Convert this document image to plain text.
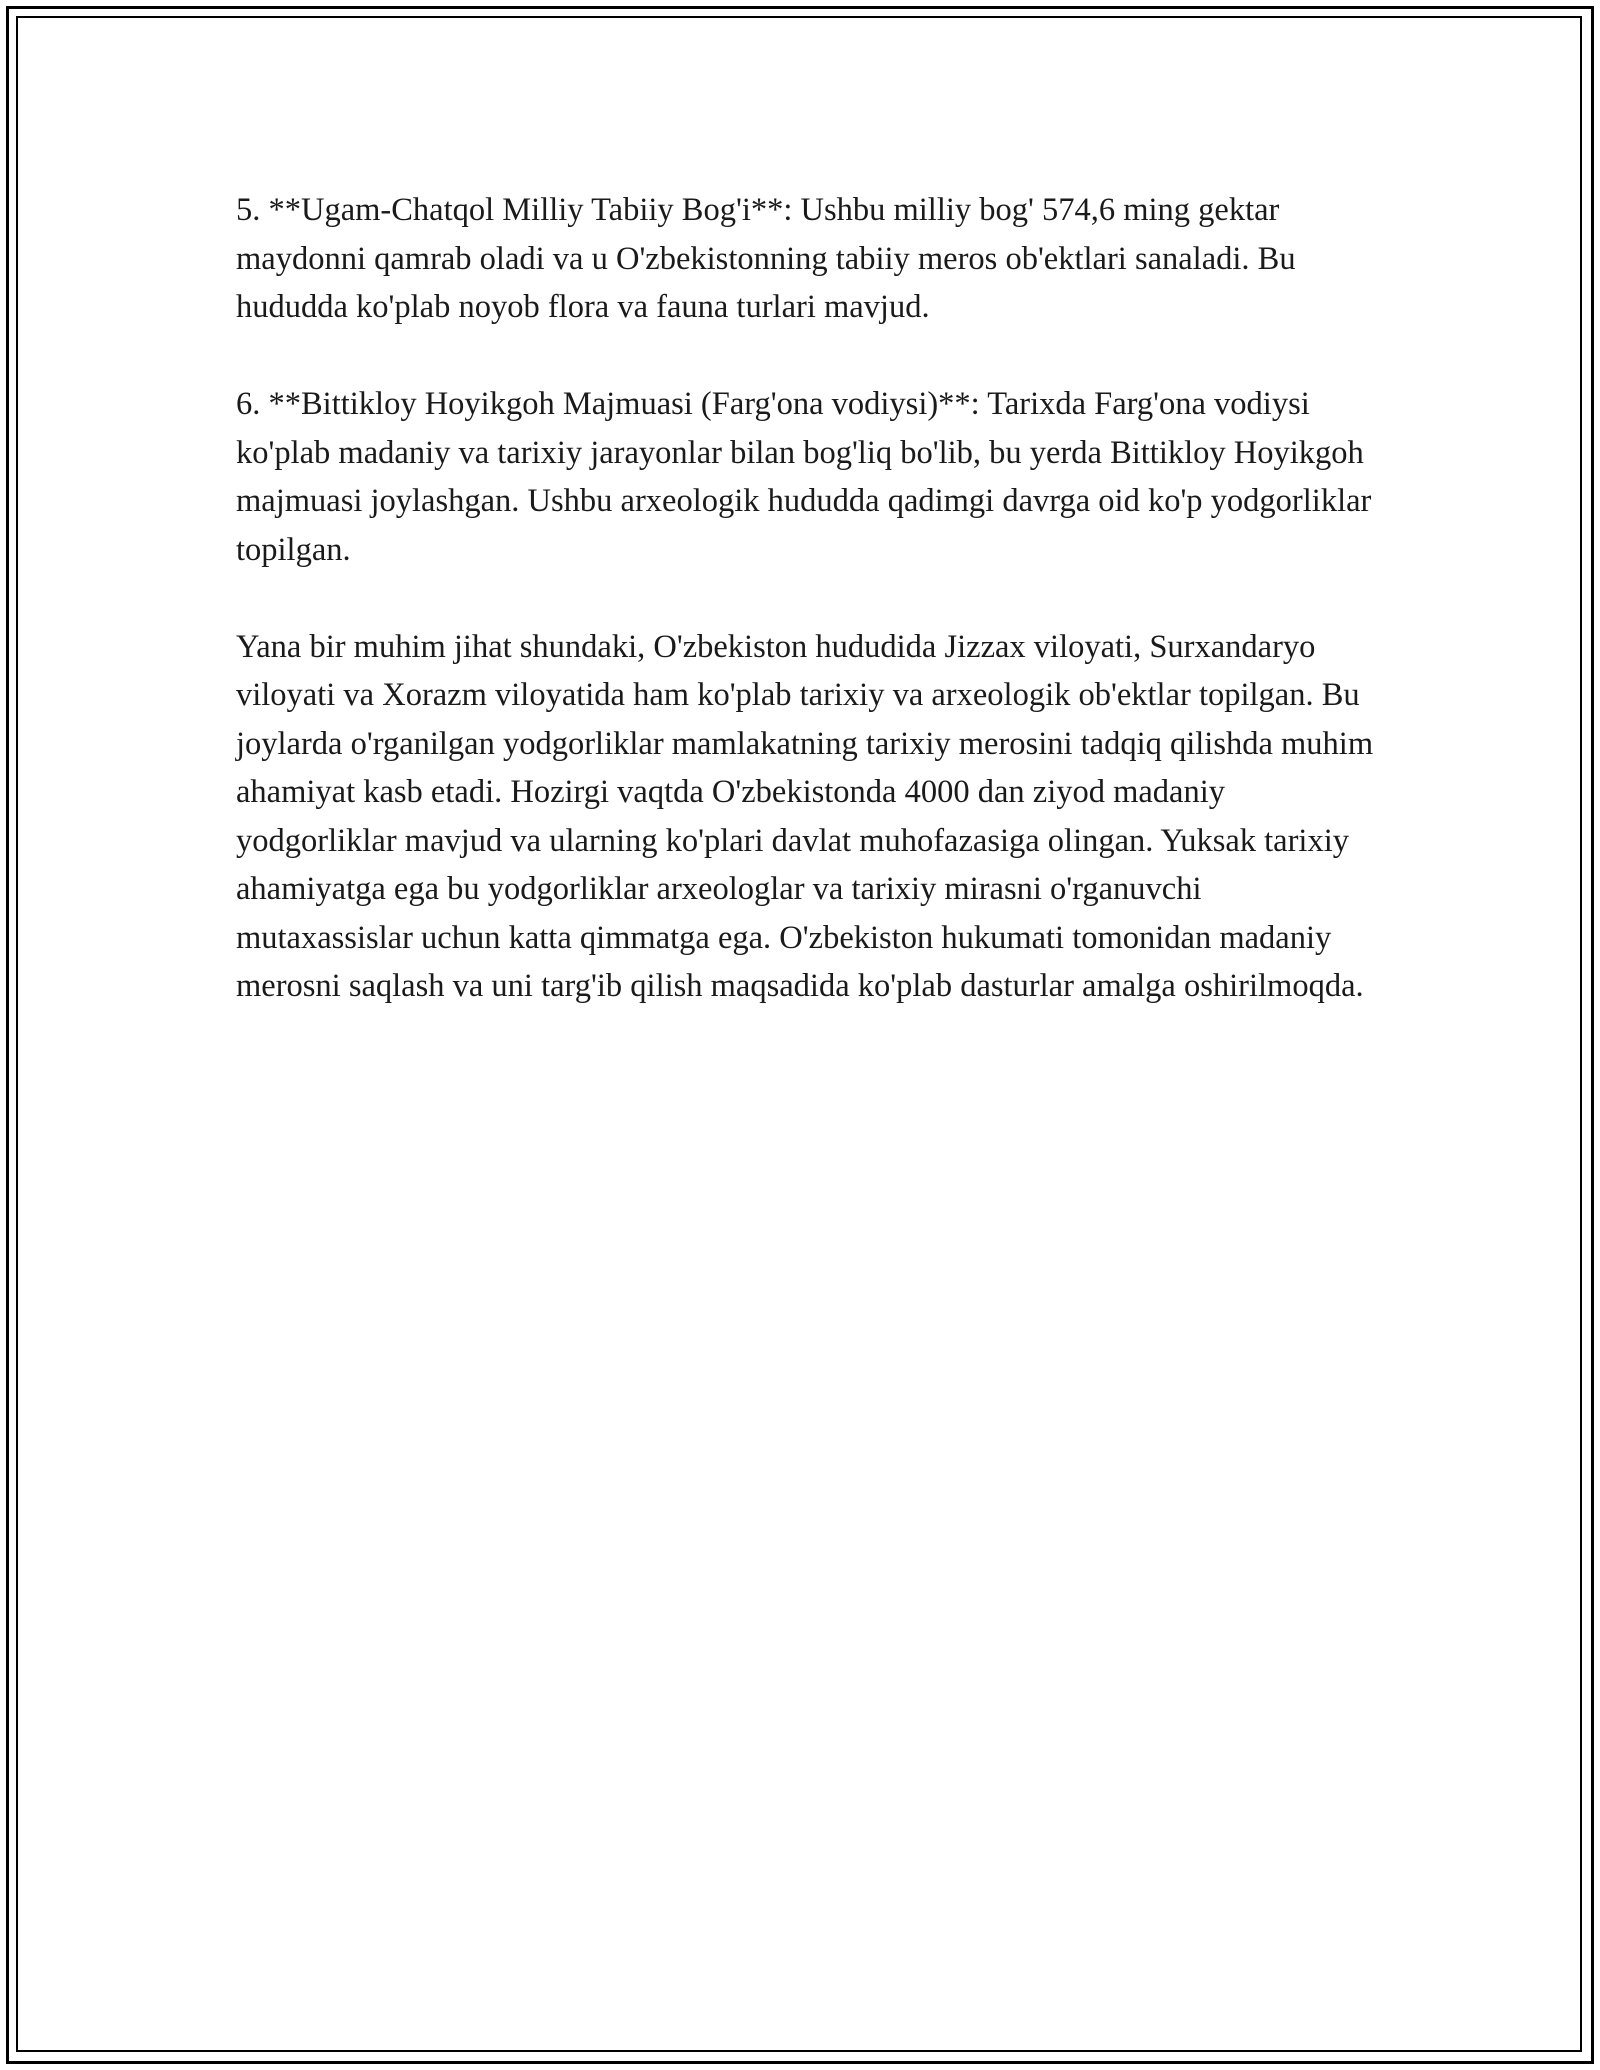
5. **Ugam-Chatqol Milliy Tabiiy Bog'i**: Ushbu milliy bog' 574,6 ming gektar maydonni qamrab oladi va u O'zbekistonning tabiiy meros ob'ektlari sanaladi. Bu hududda ko'plab noyob flora va fauna turlari mavjud.

6. **Bittikloy Hoyikgoh Majmuasi (Farg'ona vodiysi)**: Tarixda Farg'ona vodiysi ko'plab madaniy va tarixiy jarayonlar bilan bog'liq bo'lib, bu yerda Bittikloy Hoyikgoh majmuasi joylashgan. Ushbu arxeologik hududda qadimgi davrga oid ko'p yodgorliklar topilgan.

Yana bir muhim jihat shundaki, O'zbekiston hududida Jizzax viloyati, Surxandaryo viloyati va Xorazm viloyatida ham ko'plab tarixiy va arxeologik ob'ektlar topilgan. Bu joylarda o'rganilgan yodgorliklar mamlakatning tarixiy merosini tadqiq qilishda muhim ahamiyat kasb etadi. Hozirgi vaqtda O'zbekistonda 4000 dan ziyod madaniy yodgorliklar mavjud va ularning ko'plari davlat muhofazasiga olingan. Yuksak tarixiy ahamiyatga ega bu yodgorliklar arxeologlar va tarixiy mirasni o'rganuvchi mutaxassislar uchun katta qimmatga ega. O'zbekiston hukumati tomonidan madaniy merosni saqlash va uni targ'ib qilish maqsadida ko'plab dasturlar amalga oshirilmoqda.
